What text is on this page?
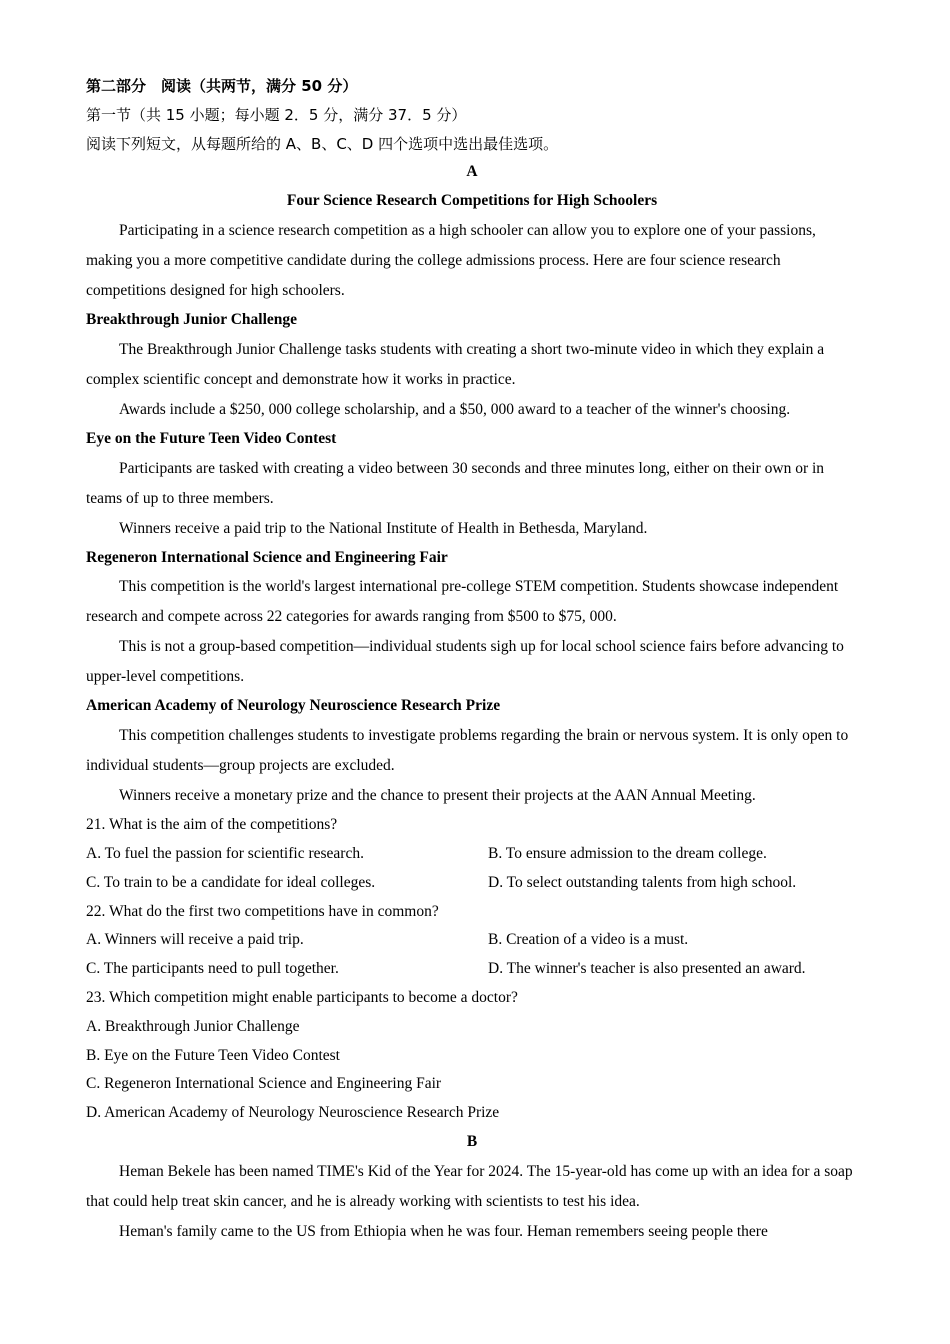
第二部分　阅读（共两节，满分 50 分）
第一节（共 15 小题；每小题 2．5 分，满分 37．5 分）
阅读下列短文，从每题所给的 A、B、C、D 四个选项中选出最佳选项。
A
Four Science Research Competitions for High Schoolers
Participating in a science research competition as a high schooler can allow you to explore one of your passions, making you a more competitive candidate during the college admissions process. Here are four science research competitions designed for high schoolers.
Breakthrough Junior Challenge
The Breakthrough Junior Challenge tasks students with creating a short two-minute video in which they explain a complex scientific concept and demonstrate how it works in practice.
Awards include a $250, 000 college scholarship, and a $50, 000 award to a teacher of the winner's choosing.
Eye on the Future Teen Video Contest
Participants are tasked with creating a video between 30 seconds and three minutes long, either on their own or in teams of up to three members.
Winners receive a paid trip to the National Institute of Health in Bethesda, Maryland.
Regeneron International Science and Engineering Fair
This competition is the world's largest international pre-college STEM competition. Students showcase independent research and compete across 22 categories for awards ranging from $500 to $75, 000.
This is not a group-based competition—individual students sigh up for local school science fairs before advancing to upper-level competitions.
American Academy of Neurology Neuroscience Research Prize
This competition challenges students to investigate problems regarding the brain or nervous system. It is only open to individual students—group projects are excluded.
Winners receive a monetary prize and the chance to present their projects at the AAN Annual Meeting.
21. What is the aim of the competitions?
A. To fuel the passion for scientific research.	B. To ensure admission to the dream college.
C. To train to be a candidate for ideal colleges.	D. To select outstanding talents from high school.
22. What do the first two competitions have in common?
A. Winners will receive a paid trip.	B. Creation of a video is a must.
C. The participants need to pull together.	D. The winner's teacher is also presented an award.
23. Which competition might enable participants to become a doctor?
A. Breakthrough Junior Challenge
B. Eye on the Future Teen Video Contest
C. Regeneron International Science and Engineering Fair
D. American Academy of Neurology Neuroscience Research Prize
B
Heman Bekele has been named TIME's Kid of the Year for 2024. The 15-year-old has come up with an idea for a soap that could help treat skin cancer, and he is already working with scientists to test his idea.
Heman's family came to the US from Ethiopia when he was four. Heman remembers seeing people there
